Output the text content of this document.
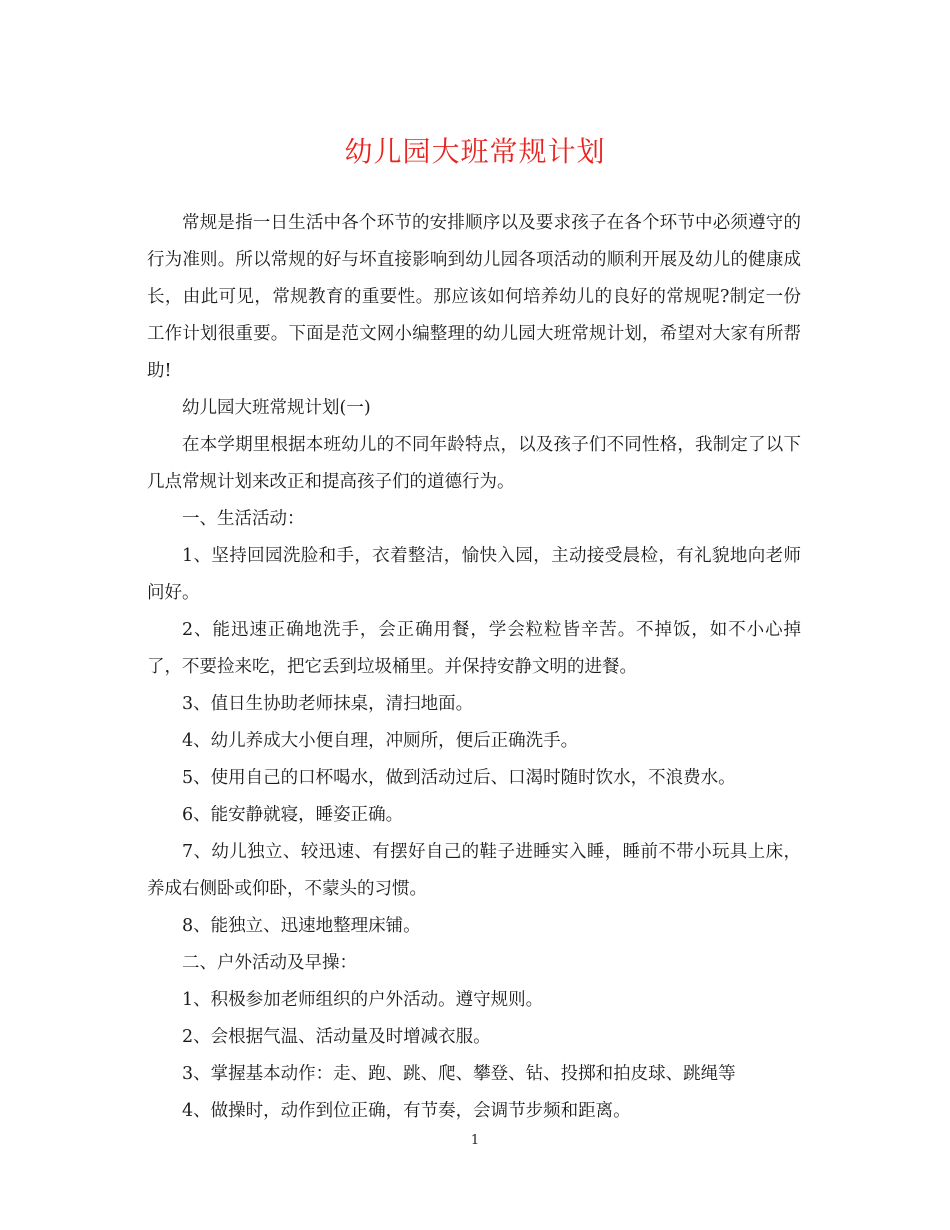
幼儿园大班常规计划

常规是指一日生活中各个环节的安排顺序以及要求孩子在各个环节中必须遵守的行为准则。所以常规的好与坏直接影响到幼儿园各项活动的顺利开展及幼儿的健康成长，由此可见，常规教育的重要性。那应该如何培养幼儿的良好的常规呢?制定一份工作计划很重要。下面是范文网小编整理的幼儿园大班常规计划，希望对大家有所帮助!

幼儿园大班常规计划(一)

在本学期里根据本班幼儿的不同年龄特点，以及孩子们不同性格，我制定了以下几点常规计划来改正和提高孩子们的道德行为。

一、生活活动：

1、坚持回园洗脸和手，衣着整洁，愉快入园，主动接受晨检，有礼貌地向老师问好。

2、能迅速正确地洗手，会正确用餐，学会粒粒皆辛苦。不掉饭，如不小心掉了，不要捡来吃，把它丢到垃圾桶里。并保持安静文明的进餐。

3、值日生协助老师抹桌，清扫地面。

4、幼儿养成大小便自理，冲厕所，便后正确洗手。

5、使用自己的口杯喝水，做到活动过后、口渴时随时饮水，不浪费水。

6、能安静就寝，睡姿正确。

7、幼儿独立、较迅速、有摆好自己的鞋子进睡实入睡，睡前不带小玩具上床，养成右侧卧或仰卧，不蒙头的习惯。

8、能独立、迅速地整理床铺。

二、户外活动及早操：

1、积极参加老师组织的户外活动。遵守规则。

2、会根据气温、活动量及时增减衣服。

3、掌握基本动作：走、跑、跳、爬、攀登、钻、投掷和拍皮球、跳绳等

4、做操时，动作到位正确，有节奏，会调节步频和距离。

1
